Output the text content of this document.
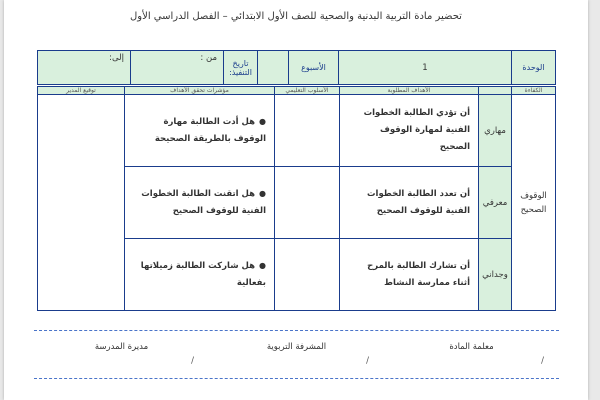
تحضير مادة التربية البدنية والصحية للصف الأول الابتدائي – الفصل الدراسي الأول
الوحدة	1	الأسبوع		تاريخ التنفيذ:	من :	إلى:
الكفاءة		الأهداف المطلوبة	الأسلوب التعليمي	مؤشرات تحقق الأهداف	توقيع المدير
الوقوف الصحيح	مهاري	أن تؤدي الطالبة الخطوات الفنية لمهارة الوقوف الصحيح		●هل أدت الطالبة مهارة الوقوف بالطريقة الصحيحة	
	معرفي	أن تعدد الطالبة الخطوات الفنية للوقوف الصحيح		●هل اتقنت الطالبة الخطوات الفنية للوقوف الصحيح	
	وجداني	أن تشارك الطالبة بالمرح أثناء ممارسة النشاط		●هل شاركت الطالبة زميلاتها بفعالية	
معلمة المادة
المشرفة التربوية
مديرة المدرسة
/
/
/
